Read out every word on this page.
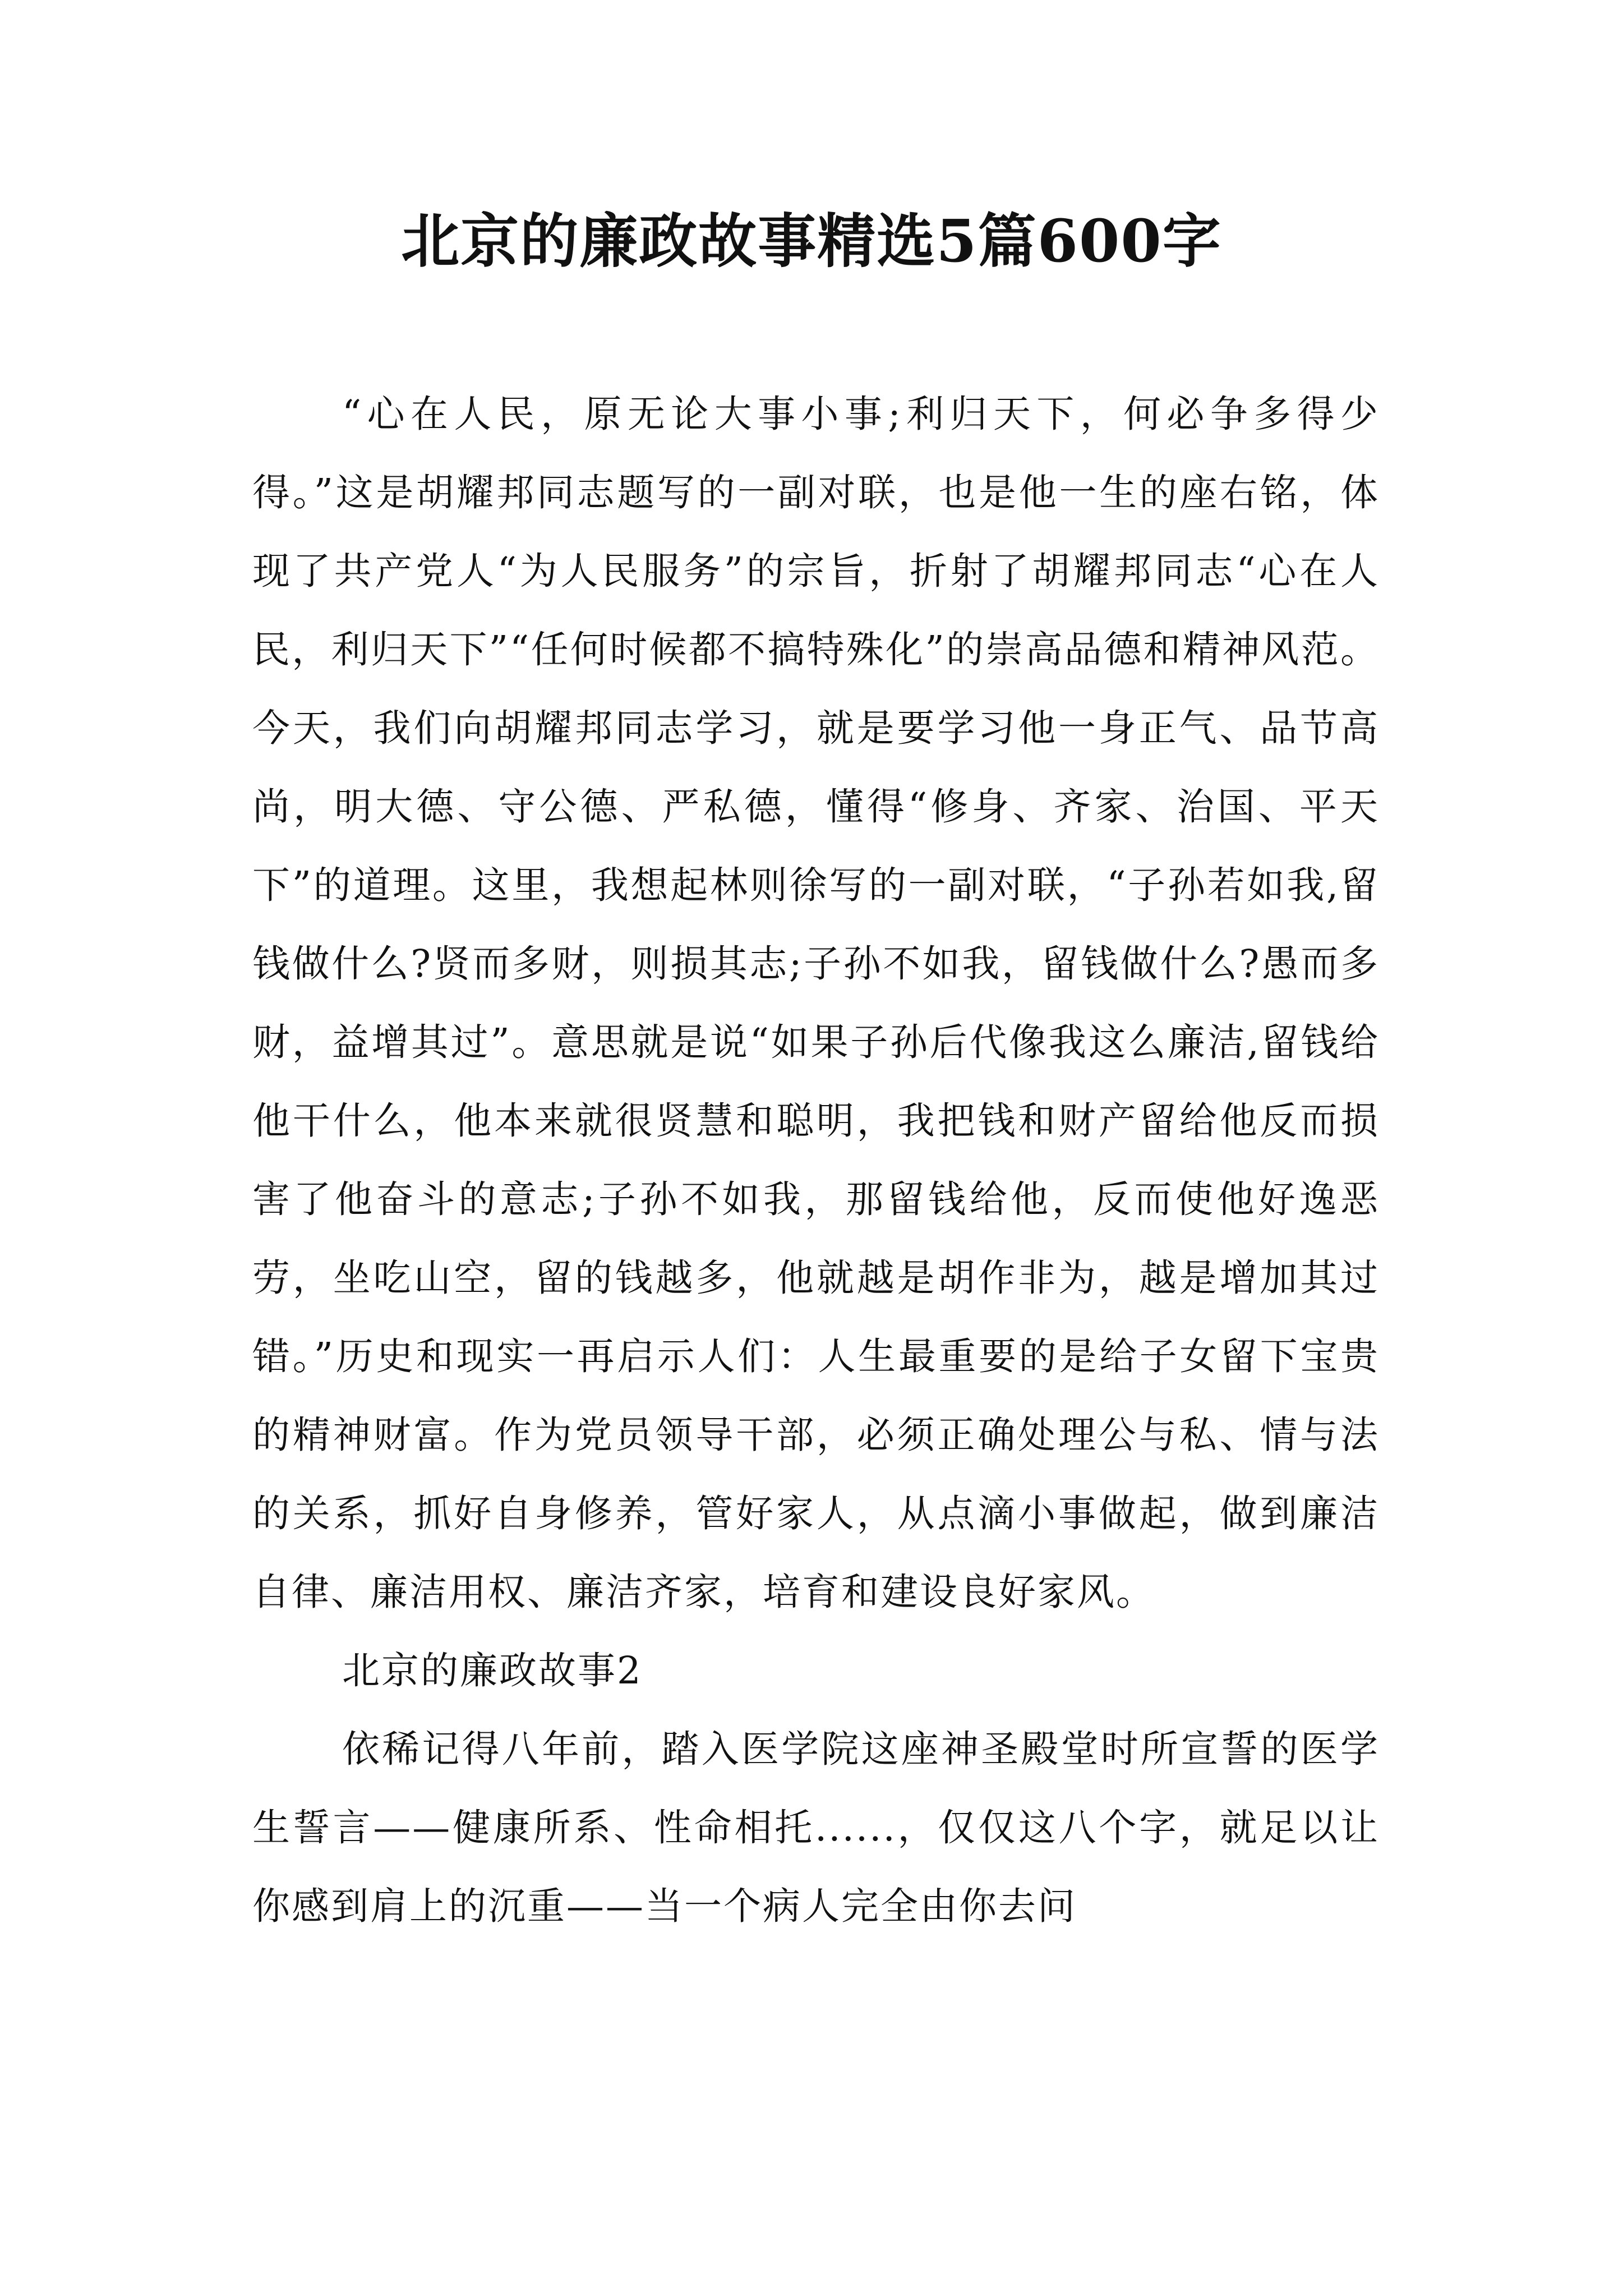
北京的廉政故事精选5篇600字

“心在人民，原无论大事小事;利归天下，何必争多得少得。”这是胡耀邦同志题写的一副对联，也是他一生的座右铭，体现了共产党人“为人民服务”的宗旨，折射了胡耀邦同志“心在人民，利归天下”“任何时候都不搞特殊化”的崇高品德和精神风范。今天，我们向胡耀邦同志学习，就是要学习他一身正气、品节高尚，明大德、守公德、严私德，懂得“修身、齐家、治国、平天下”的道理。这里，我想起林则徐写的一副对联，“子孙若如我,留钱做什么?贤而多财，则损其志;子孙不如我，留钱做什么?愚而多财，益增其过”。意思就是说“如果子孙后代像我这么廉洁,留钱给他干什么，他本来就很贤慧和聪明，我把钱和财产留给他反而损害了他奋斗的意志;子孙不如我，那留钱给他，反而使他好逸恶劳，坐吃山空，留的钱越多，他就越是胡作非为，越是增加其过错。”历史和现实一再启示人们：人生最重要的是给子女留下宝贵的精神财富。作为党员领导干部，必须正确处理公与私、情与法的关系，抓好自身修养，管好家人，从点滴小事做起，做到廉洁自律、廉洁用权、廉洁齐家，培育和建设良好家风。

北京的廉政故事2

依稀记得八年前，踏入医学院这座神圣殿堂时所宣誓的医学生誓言——健康所系、性命相托......，仅仅这八个字，就足以让你感到肩上的沉重——当一个病人完全由你去问
